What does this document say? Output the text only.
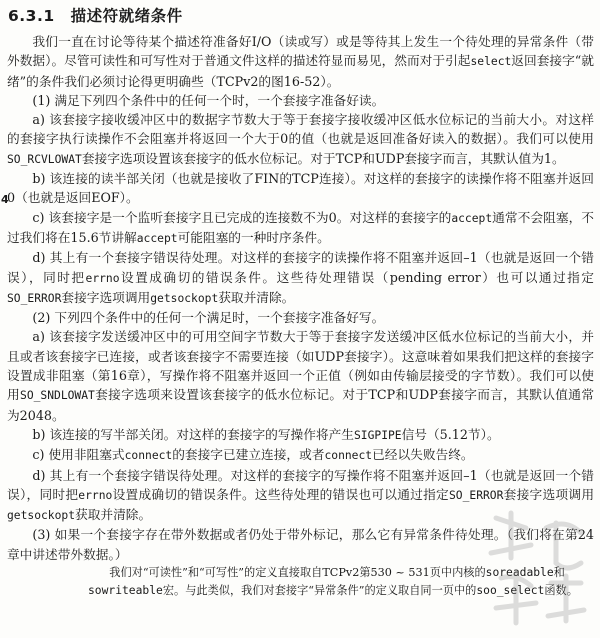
6.3.1 描述符就绪条件
4

我们一直在讨论等待某个描述符准备好I/O（读或写）或是等待其上发生一个待处理的异常条件（带外数据）。尽管可读性和可写性对于普通文件这样的描述符显而易见，然而对于引起select返回套接字“就绪”的条件我们必须讨论得更明确些（TCPv2的图16-52）。

(1) 满足下列四个条件中的任何一个时，一个套接字准备好读。

a) 该套接字接收缓冲区中的数据字节数大于等于套接字接收缓冲区低水位标记的当前大小。对这样的套接字执行读操作不会阻塞并将返回一个大于0的值（也就是返回准备好读入的数据）。我们可以使用SO_RCVLOWAT套接字选项设置该套接字的低水位标记。对于TCP和UDP套接字而言，其默认值为1。

b) 该连接的读半部关闭（也就是接收了FIN的TCP连接）。对这样的套接字的读操作将不阻塞并返回0（也就是返回EOF）。

c) 该套接字是一个监听套接字且已完成的连接数不为0。对这样的套接字的accept通常不会阻塞，不过我们将在15.6节讲解accept可能阻塞的一种时序条件。

d) 其上有一个套接字错误待处理。对这样的套接字的读操作将不阻塞并返回–1（也就是返回一个错误），同时把errno设置成确切的错误条件。这些待处理错误（pending error）也可以通过指定SO_ERROR套接字选项调用getsockopt获取并清除。

(2) 下列四个条件中的任何一个满足时，一个套接字准备好写。

a) 该套接字发送缓冲区中的可用空间字节数大于等于套接字发送缓冲区低水位标记的当前大小，并且或者该套接字已连接，或者该套接字不需要连接（如UDP套接字）。这意味着如果我们把这样的套接字设置成非阻塞（第16章），写操作将不阻塞并返回一个正值（例如由传输层接受的字节数）。我们可以使用SO_SNDLOWAT套接字选项来设置该套接字的低水位标记。对于TCP和UDP套接字而言，其默认值通常为2048。

b) 该连接的写半部关闭。对这样的套接字的写操作将产生SIGPIPE信号（5.12节）。

c) 使用非阻塞式connect的套接字已建立连接，或者connect已经以失败告终。

d) 其上有一个套接字错误待处理。对这样的套接字的写操作将不阻塞并返回–1（也就是返回一个错误），同时把errno设置成确切的错误条件。这些待处理的错误也可以通过指定SO_ERROR套接字选项调用getsockopt获取并清除。

(3) 如果一个套接字存在带外数据或者仍处于带外标记，那么它有异常条件待处理。（我们将在第24章中讲述带外数据。）

我们对“可读性”和“可写性”的定义直接取自TCPv2第530 ~ 531页中内核的soreadable和sowriteable宏。与此类似，我们对套接字“异常条件”的定义取自同一页中的soo_select函数。
